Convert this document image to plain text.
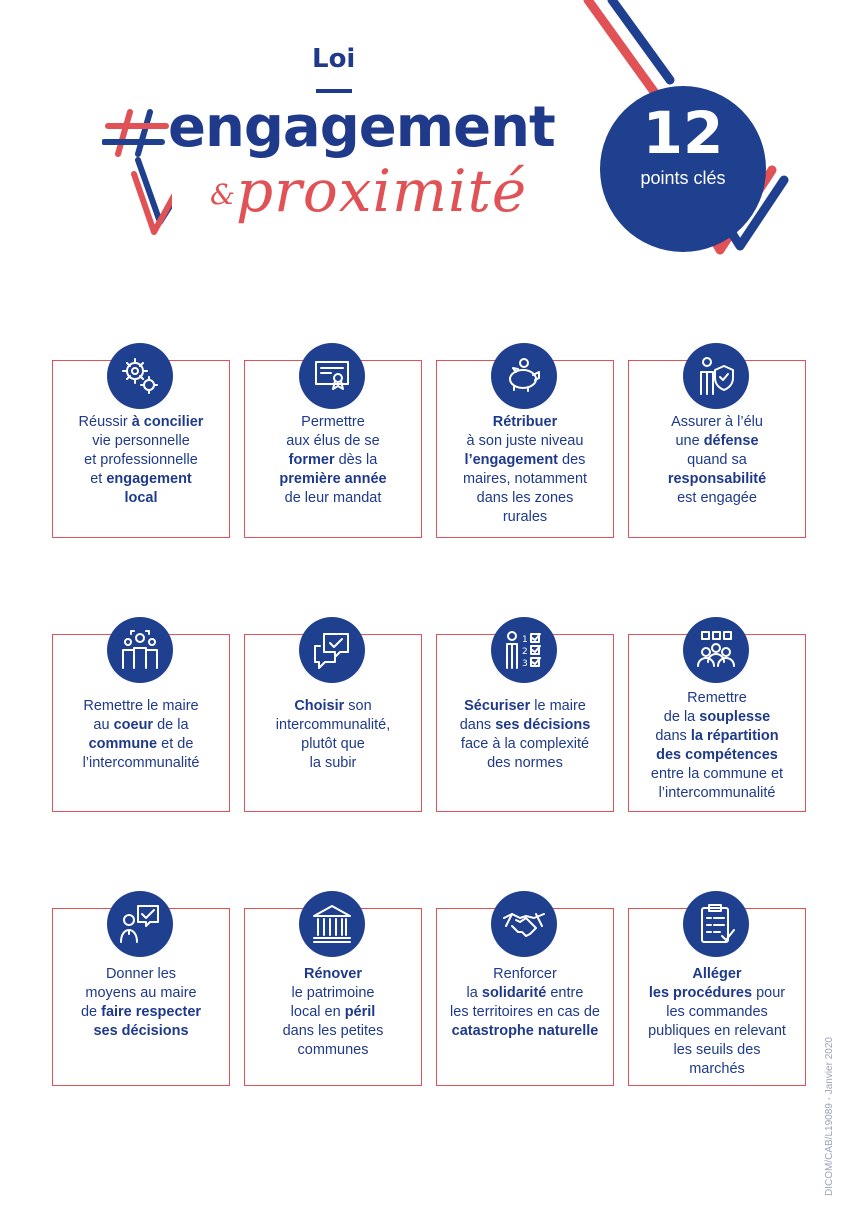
Loi
engagement
& proximité
12
points clés
Réussir à concilier
vie personnelle
et professionnelle
et engagement
local
Permettre
aux élus de se
former dès la
première année
de leur mandat
Rétribuer
à son juste niveau
l’engagement des
maires, notamment
dans les zones
rurales
Assurer à l’élu
une défense
quand sa
responsabilité
est engagée
Remettre le maire
au coeur de la
commune et de
l’intercommunalité
Choisir son
intercommunalité,
plutôt que
la subir
1
2
3
Sécuriser le maire
dans ses décisions
face à la complexité
des normes
Remettre
de la souplesse
dans la répartition
des compétences
entre la commune et
l’intercommunalité
Donner les
moyens au maire
de faire respecter
ses décisions
Rénover
le patrimoine
local en péril
dans les petites
communes
Renforcer
la solidarité entre
les territoires en cas de
catastrophe naturelle
Alléger
les procédures pour
les commandes
publiques en relevant
les seuils des
marchés	DICOM/CAB/L19089 - Janvier 2020
